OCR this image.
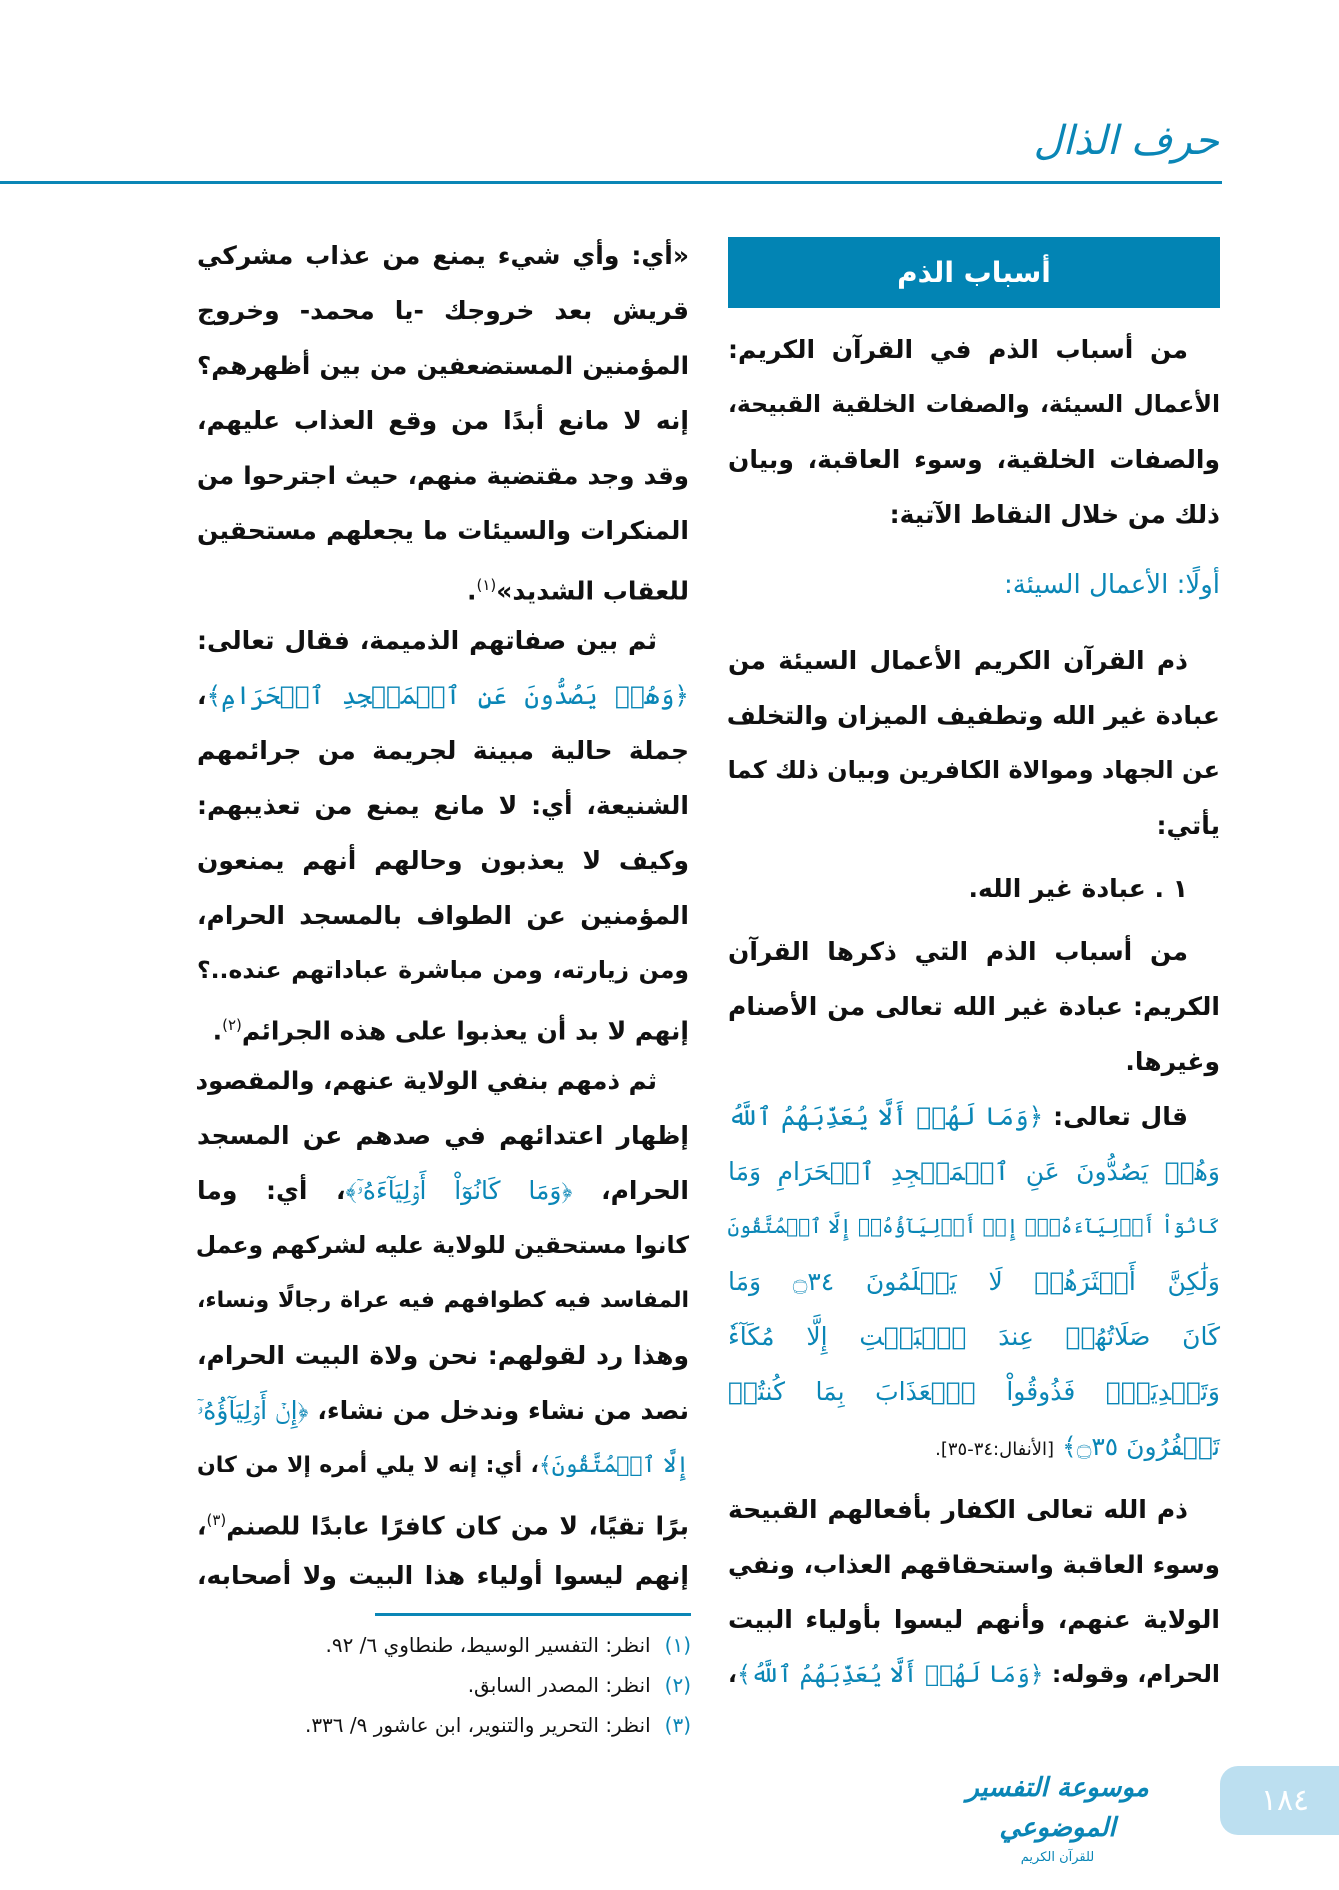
حرف الذال
أسباب الذم
من أسباب الذم في القرآن الكريم:
الأعمال السيئة، والصفات الخلقية القبيحة،
والصفات الخلقية، وسوء العاقبة، وبيان
ذلك من خلال النقاط الآتية:
أولًا: الأعمال السيئة:
ذم القرآن الكريم الأعمال السيئة من
عبادة غير الله وتطفيف الميزان والتخلف
عن الجهاد وموالاة الكافرين وبيان ذلك كما
يأتي:
١ . عبادة غير الله.
من أسباب الذم التي ذكرها القرآن
الكريم: عبادة غير الله تعالى من الأصنام
وغيرها.
قال تعالى: ﴿وَمَا لَهُمۡ أَلَّا يُعَذِّبَهُمُ ٱللَّهُ
وَهُمۡ يَصُدُّونَ عَنِ ٱلۡمَسۡجِدِ ٱلۡحَرَامِ وَمَا
كَانُوٓاْ أَوۡلِيَآءَهُۥٓۚ إِنۡ أَوۡلِيَآؤُهُۥٓ إِلَّا ٱلۡمُتَّقُونَ
وَلَٰكِنَّ أَكۡثَرَهُمۡ لَا يَعۡلَمُونَ ۝٣٤ وَمَا
كَانَ صَلَاتُهُمۡ عِندَ ٱلۡبَيۡتِ إِلَّا مُكَآءٗ
وَتَصۡدِيَةٗۚ فَذُوقُواْ ٱلۡعَذَابَ بِمَا كُنتُمۡ
تَكۡفُرُونَ ۝٣٥﴾ [الأنفال:٣٤-٣٥].
ذم الله تعالى الكفار بأفعالهم القبيحة
وسوء العاقبة واستحقاقهم العذاب، ونفي
الولاية عنهم، وأنهم ليسوا بأولياء البيت
الحرام، وقوله: ﴿وَمَا لَهُمۡ أَلَّا يُعَذِّبَهُمُ ٱللَّهُ﴾،
«أي: وأي شيء يمنع من عذاب مشركي
قريش بعد خروجك -يا محمد- وخروج
المؤمنين المستضعفين من بين أظهرهم؟
إنه لا مانع أبدًا من وقع العذاب عليهم،
وقد وجد مقتضية منهم، حيث اجترحوا من
المنكرات والسيئات ما يجعلهم مستحقين
للعقاب الشديد»$^{(١)}$.
ثم بين صفاتهم الذميمة، فقال تعالى:
﴿وَهُمۡ يَصُدُّونَ عَنِ ٱلۡمَسۡجِدِ ٱلۡحَرَامِ﴾،
جملة حالية مبينة لجريمة من جرائمهم
الشنيعة، أي: لا مانع يمنع من تعذيبهم:
وكيف لا يعذبون وحالهم أنهم يمنعون
المؤمنين عن الطواف بالمسجد الحرام،
ومن زيارته، ومن مباشرة عباداتهم عنده..؟
إنهم لا بد أن يعذبوا على هذه الجرائم$^{(٢)}$.
ثم ذمهم بنفي الولاية عنهم، والمقصود
إظهار اعتدائهم في صدهم عن المسجد
الحرام، ﴿وَمَا كَانُوٓاْ أَوۡلِيَآءَهُۥٓ﴾، أي: وما
كانوا مستحقين للولاية عليه لشركهم وعمل
المفاسد فيه كطوافهم فيه عراة رجالًا ونساء،
وهذا رد لقولهم: نحن ولاة البيت الحرام،
نصد من نشاء وندخل من نشاء، ﴿إِنۡ أَوۡلِيَآؤُهُۥٓ
إِلَّا ٱلۡمُتَّقُونَ﴾، أي: إنه لا يلي أمره إلا من كان
برًا تقيًا، لا من كان كافرًا عابدًا للصنم$^{(٣)}$،
إنهم ليسوا أولياء هذا البيت ولا أصحابه،
(١)انظر: التفسير الوسيط، طنطاوي ٦/ ٩٢.
(٢)انظر: المصدر السابق.
(٣)انظر: التحرير والتنوير، ابن عاشور ٩/ ٣٣٦.
موسوعة التفسير الموضوعي
للقرآن الكريم
١٨٤
